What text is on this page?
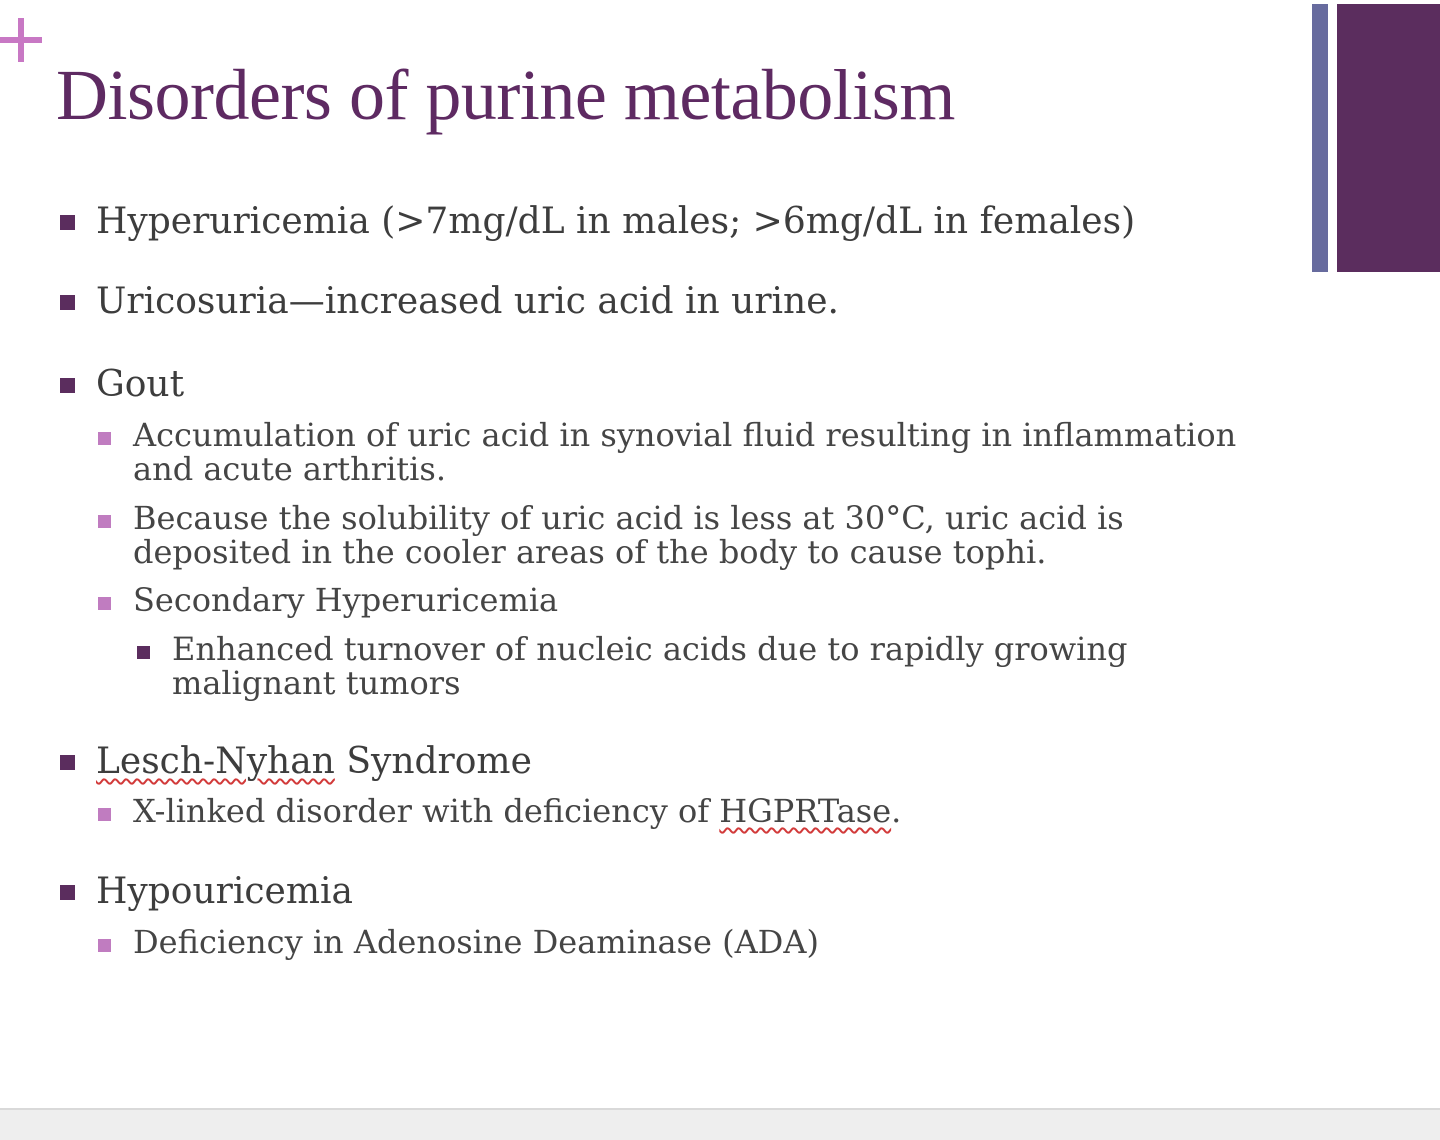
Disorders of purine metabolism
Hyperuricemia (>7mg/dL in males; >6mg/dL in females)
Uricosuria—increased uric acid in urine.
Gout
Accumulation of uric acid in synovial fluid resulting in inflammation and acute arthritis.
Because the solubility of uric acid is less at 30°C, uric acid is deposited in the cooler areas of the body to cause tophi.
Secondary Hyperuricemia
Enhanced turnover of nucleic acids due to rapidly growing malignant tumors
Lesch-Nyhan Syndrome
X-linked disorder with deficiency of HGPRTase.
Hypouricemia
Deficiency in Adenosine Deaminase (ADA)
